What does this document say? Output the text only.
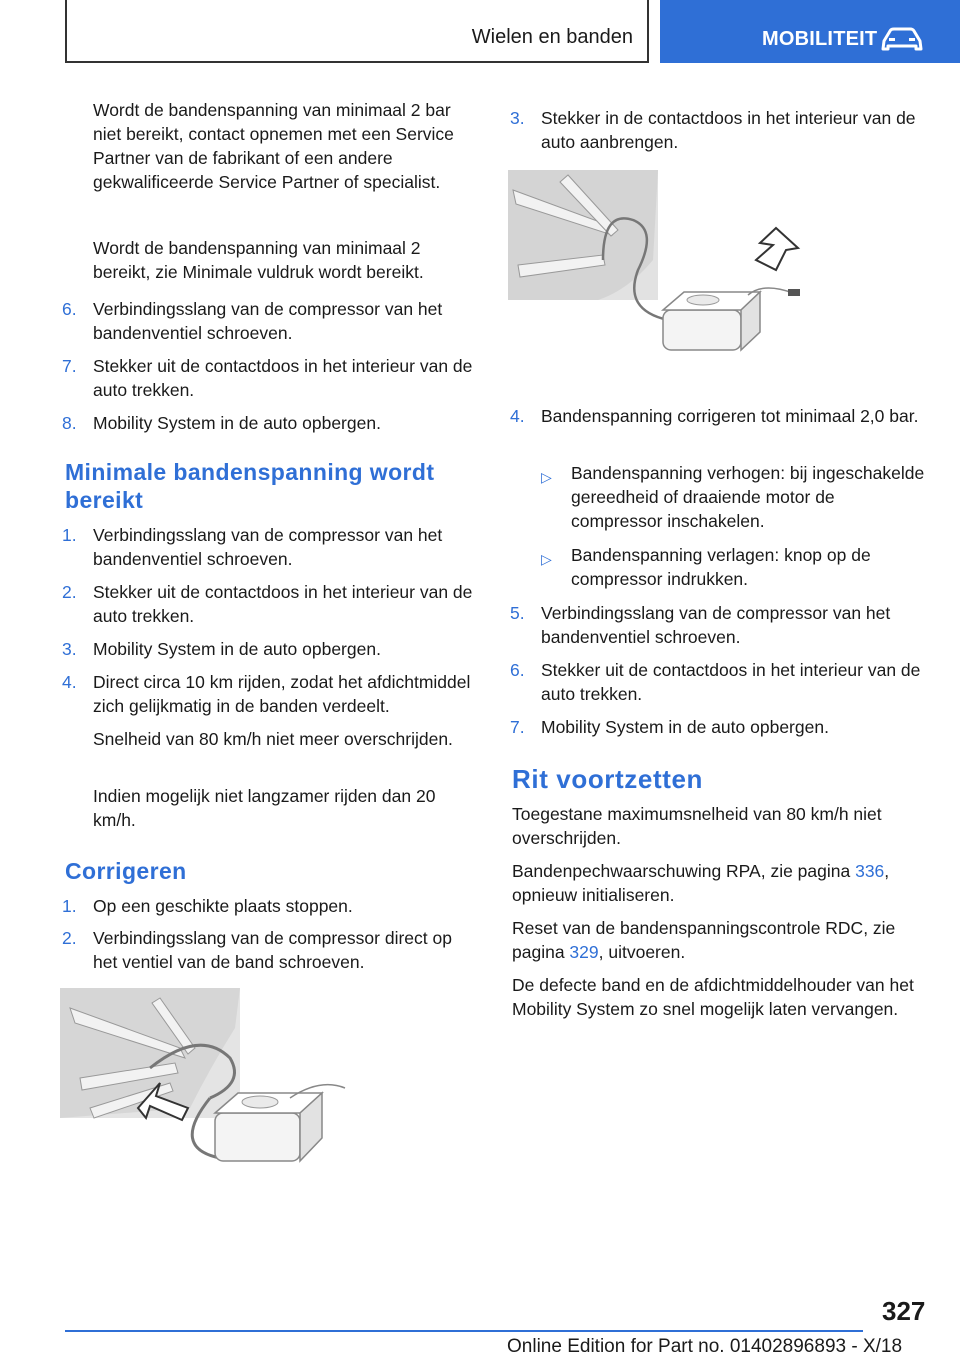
Wielen en banden	MOBILITEIT
Wordt de bandenspanning van minimaal 2 bar niet bereikt, contact opnemen met een Service Partner van de fabrikant of een andere gekwalificeerde Service Partner of specialist.
Wordt de bandenspanning van minimaal 2 bereikt, zie Minimale vuldruk wordt bereikt.
6. Verbindingsslang van de compressor van het bandenventiel schroeven.
7. Stekker uit de contactdoos in het interieur van de auto trekken.
8. Mobility System in de auto opbergen.
Minimale bandenspanning wordt bereikt
1. Verbindingsslang van de compressor van het bandenventiel schroeven.
2. Stekker uit de contactdoos in het interieur van de auto trekken.
3. Mobility System in de auto opbergen.
4. Direct circa 10 km rijden, zodat het afdichtmiddel zich gelijkmatig in de banden verdeelt.
Snelheid van 80 km/h niet meer overschrijden.
Indien mogelijk niet langzamer rijden dan 20 km/h.
Corrigeren
1. Op een geschikte plaats stoppen.
2. Verbindingsslang van de compressor direct op het ventiel van de band schroeven.
3. Stekker in de contactdoos in het interieur van de auto aanbrengen.
4. Bandenspanning corrigeren tot minimaal 2,0 bar.
▷	Bandenspanning verhogen: bij ingeschakelde gereedheid of draaiende motor de compressor inschakelen.
▷	Bandenspanning verlagen: knop op de compressor indrukken.
5. Verbindingsslang van de compressor van het bandenventiel schroeven.
6. Stekker uit de contactdoos in het interieur van de auto trekken.
7. Mobility System in de auto opbergen.
Rit voortzetten
Toegestane maximumsnelheid van 80 km/h niet overschrijden.
Bandenpechwaarschuwing RPA, zie pagina 336, opnieuw initialiseren.
Reset van de bandenspanningscontrole RDC, zie pagina 329, uitvoeren.
De defecte band en de afdichtmiddelhouder van het Mobility System zo snel mogelijk laten vervangen.
327
Online Edition for Part no. 01402896893 - X/18
